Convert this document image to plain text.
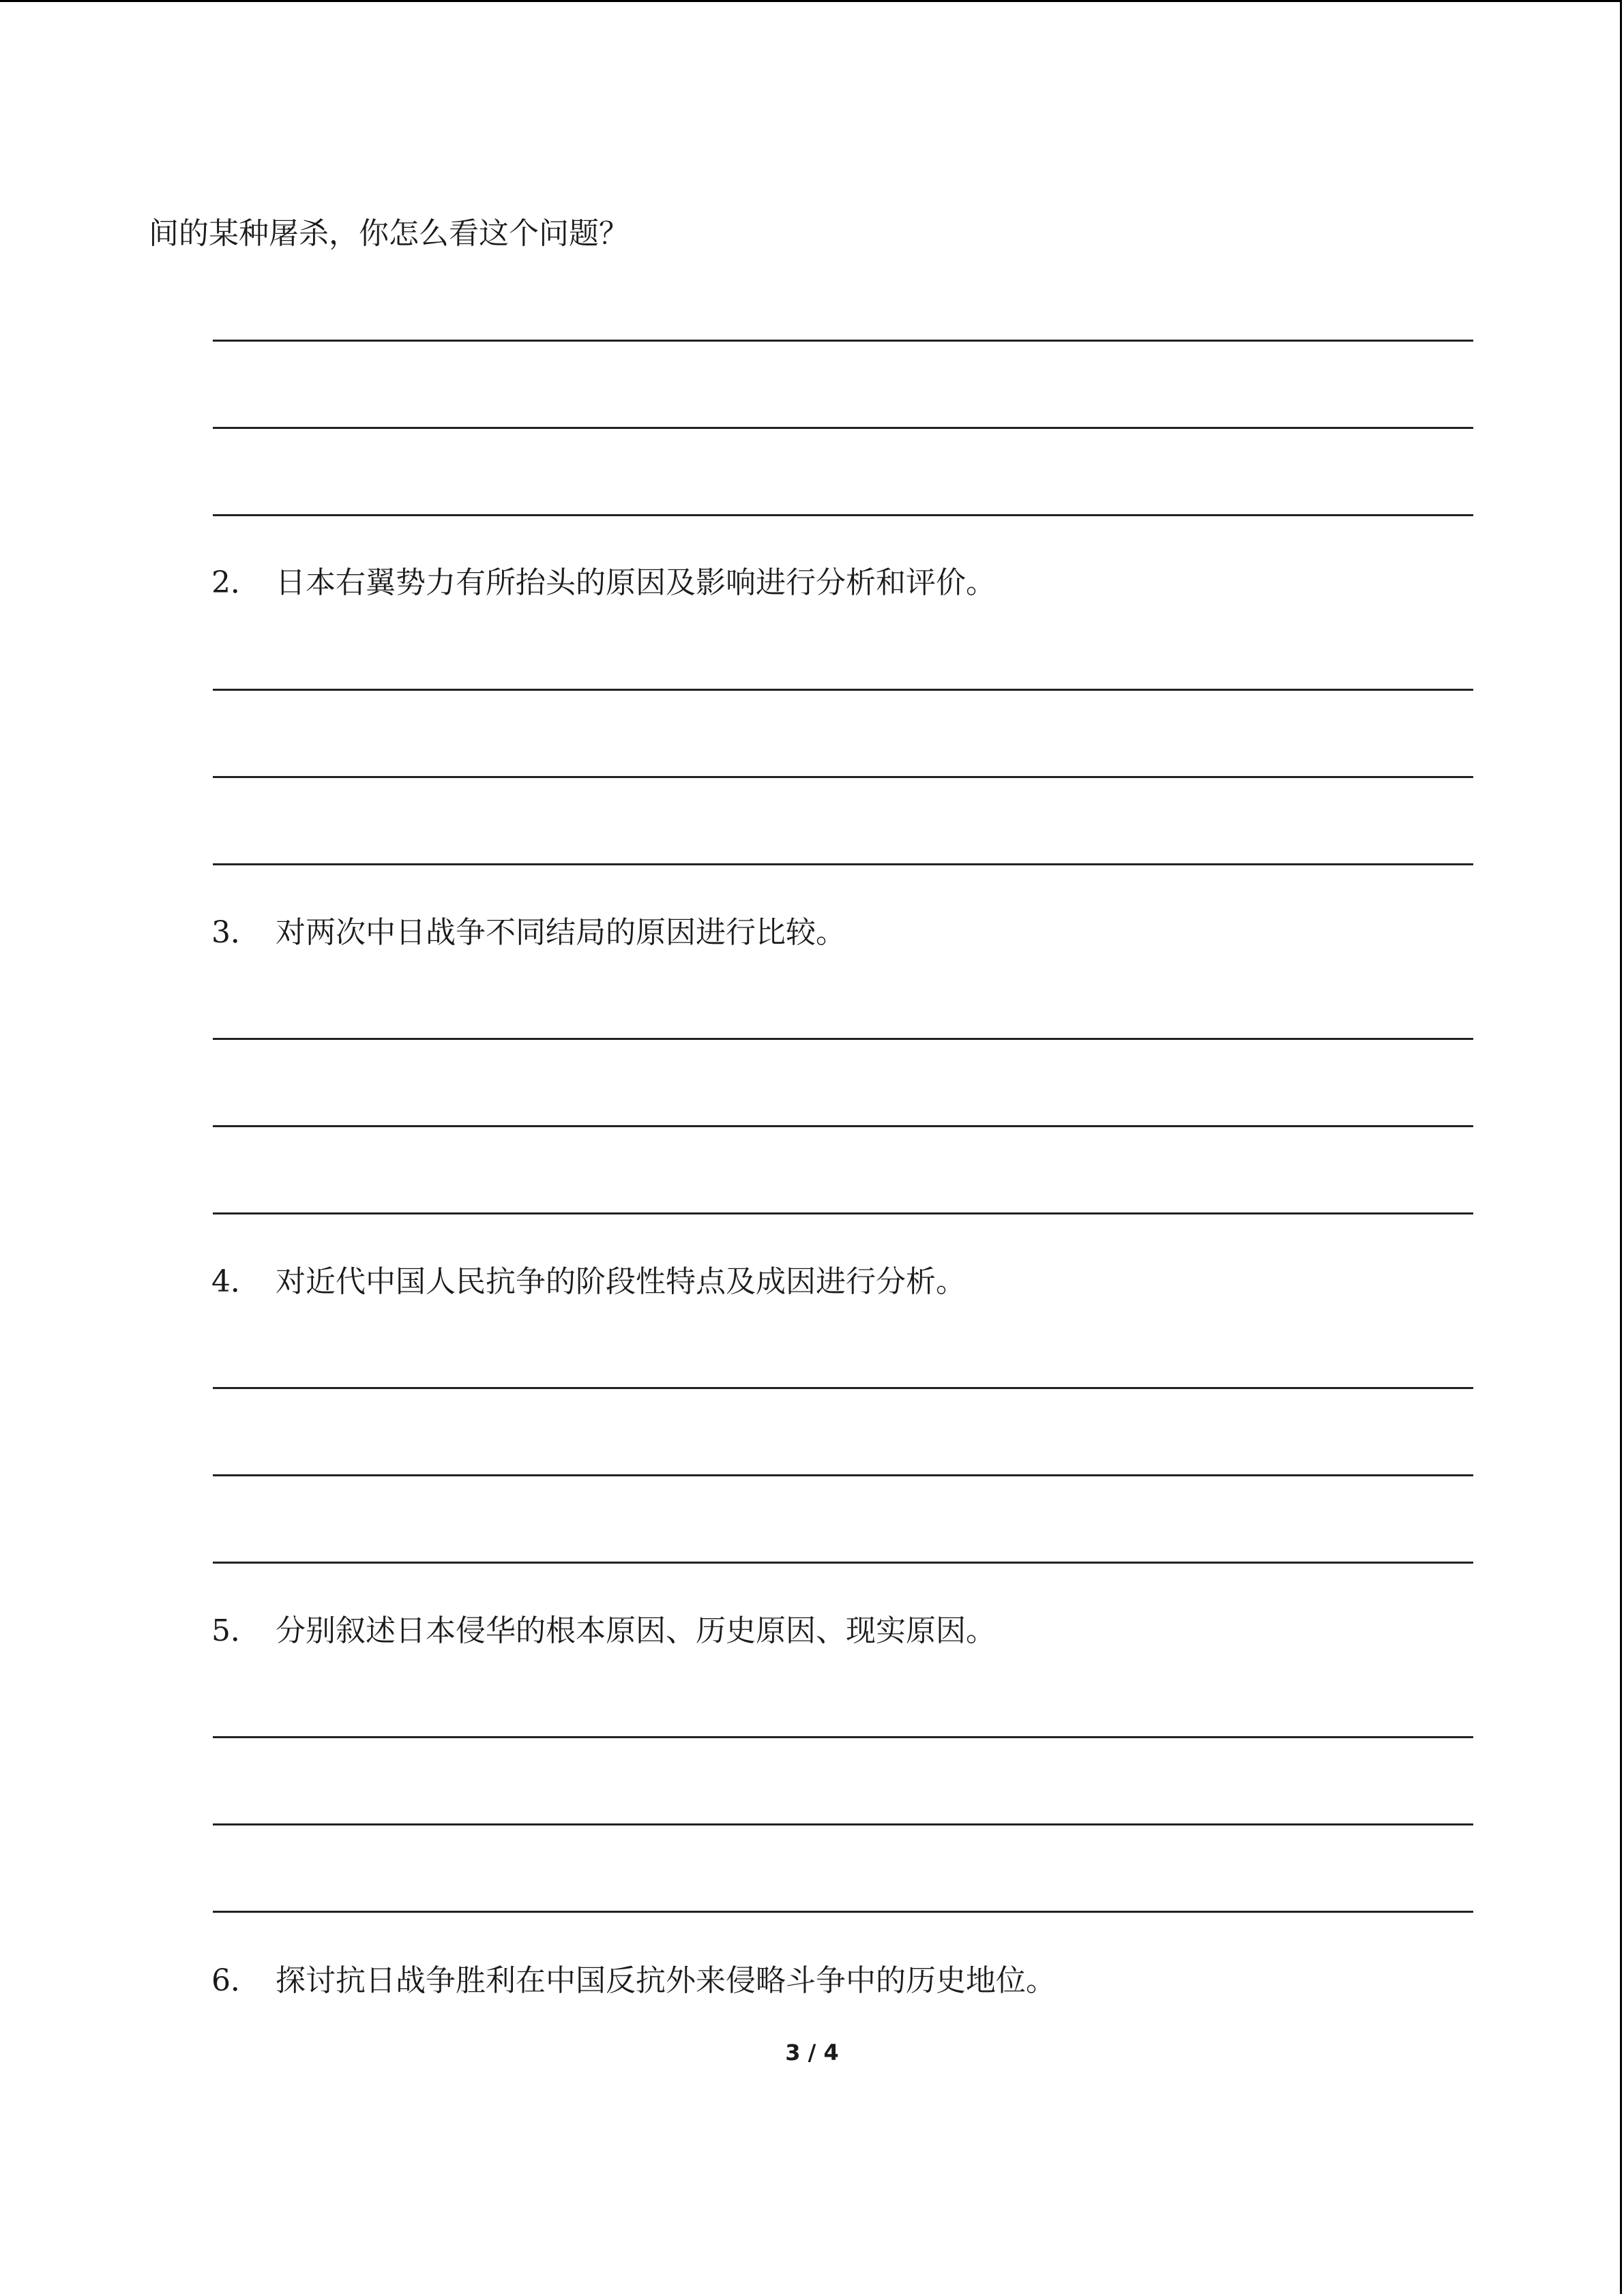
间的某种屠杀，你怎么看这个问题？
2． 日本右翼势力有所抬头的原因及影响进行分析和评价。
3． 对两次中日战争不同结局的原因进行比较。
4． 对近代中国人民抗争的阶段性特点及成因进行分析。
5． 分别叙述日本侵华的根本原因、历史原因、现实原因。
6． 探讨抗日战争胜利在中国反抗外来侵略斗争中的历史地位。
3 / 4
